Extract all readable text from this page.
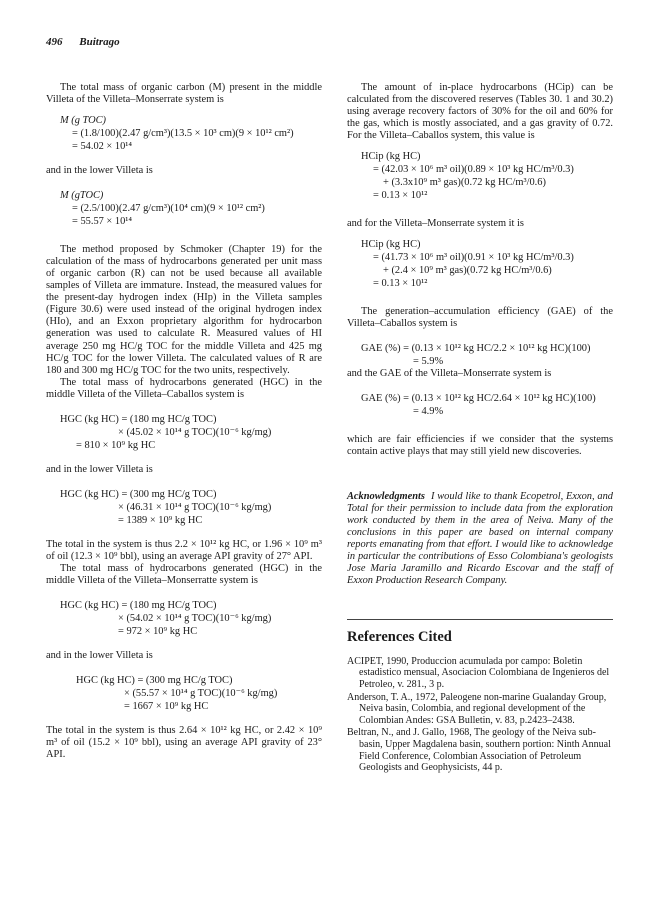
496 Buitrago

The total mass of organic carbon (M) present in the middle Villeta of the Villeta–Monserrate system is

M (g TOC)
= (1.8/100)(2.47 g/cm³)(13.5 × 10³ cm)(9 × 10¹² cm²)
= 54.02 × 10¹⁴

and in the lower Villeta is

M (gTOC)
= (2.5/100)(2.47 g/cm³)(10⁴ cm)(9 × 10¹² cm²)
= 55.57 × 10¹⁴

The method proposed by Schmoker (Chapter 19) for the calculation of the mass of hydrocarbons generated per unit mass of organic carbon (R) can not be used because all available samples of Villeta are immature. Instead, the measured values for the present-day hydrogen index (HIp) in the Villeta samples (Figure 30.6) were used instead of the original hydrogen index (HIo), and an Exxon proprietary algorithm for hydrocarbon generation was used to calculate R. Measured values of HI average 250 mg HC/g TOC for the middle Villeta and 425 mg HC/g TOC for the lower Villeta. The calculated values of R are 180 and 300 mg HC/g TOC for the two units, respectively.

The total mass of hydrocarbons generated (HGC) in the middle Villeta of the Villeta–Caballos system is

HGC (kg HC) = (180 mg HC/g TOC)
× (45.02 × 10¹⁴ g TOC)(10⁻⁶ kg/mg)
= 810 × 10⁹ kg HC

and in the lower Villeta is

HGC (kg HC) = (300 mg HC/g TOC)
× (46.31 × 10¹⁴ g TOC)(10⁻⁶ kg/mg)
= 1389 × 10⁹ kg HC

The total in the system is thus 2.2 × 10¹² kg HC, or 1.96 × 10⁹ m³ of oil (12.3 × 10⁹ bbl), using an average API gravity of 27° API.

The total mass of hydrocarbons generated (HGC) in the middle Villeta of the Villeta–Monserratte system is

HGC (kg HC) = (180 mg HC/g TOC)
× (54.02 × 10¹⁴ g TOC)(10⁻⁶ kg/mg)
= 972 × 10⁹ kg HC

and in the lower Villeta is

HGC (kg HC) = (300 mg HC/g TOC)
× (55.57 × 10¹⁴ g TOC)(10⁻⁶ kg/mg)
= 1667 × 10⁹ kg HC

The total in the system is thus 2.64 × 10¹² kg HC, or 2.42 × 10⁹ m³ of oil (15.2 × 10⁹ bbl), using an average API gravity of 23° API.

The amount of in-place hydrocarbons (HCip) can be calculated from the discovered reserves (Tables 30. 1 and 30.2) using average recovery factors of 30% for the oil and 60% for the gas, which is mostly associated, and a gas gravity of 0.72. For the Villeta–Caballos system, this value is

HCip (kg HC)
= (42.03 × 10⁶ m³ oil)(0.89 × 10³ kg HC/m³/0.3)
+ (3.3x10⁹ m³ gas)(0.72 kg HC/m³/0.6)
= 0.13 × 10¹²

and for the Villeta–Monserrate system it is

HCip (kg HC)
= (41.73 × 10⁶ m³ oil)(0.91 × 10³ kg HC/m³/0.3)
+ (2.4 × 10⁹ m³ gas)(0.72 kg HC/m³/0.6)
= 0.13 × 10¹²

The generation–accumulation efficiency (GAE) of the Villeta–Caballos system is

GAE (%) = (0.13 × 10¹² kg HC/2.2 × 10¹² kg HC)(100)
= 5.9%

and the GAE of the Villeta–Monserrate system is

GAE (%) = (0.13 × 10¹² kg HC/2.64 × 10¹² kg HC)(100)
= 4.9%

which are fair efficiencies if we consider that the systems contain active plays that may still yield new discoveries.

Acknowledgments I would like to thank Ecopetrol, Exxon, and Total for their permission to include data from the exploration work conducted by them in the area of Neiva. Many of the conclusions in this paper are based on internal company reports emanating from that effort. I would like to acknowledge in particular the contributions of Esso Colombiana's geologists Jose Maria Jaramillo and Ricardo Escovar and the staff of Exxon Production Research Company.

References Cited

ACIPET, 1990, Produccion acumulada por campo: Boletin estadistico mensual, Asociacion Colombiana de Ingenieros del Petroleo, v. 281., 3 p.

Anderson, T. A., 1972, Paleogene non-marine Gualanday Group, Neiva basin, Colombia, and regional development of the Colombian Andes: GSA Bulletin, v. 83, p.2423–2438.

Beltran, N., and J. Gallo, 1968, The geology of the Neiva sub-basin, Upper Magdalena basin, southern portion: Ninth Annual Field Conference, Colombian Association of Petroleum Geologists and Geophysicists, 44 p.
